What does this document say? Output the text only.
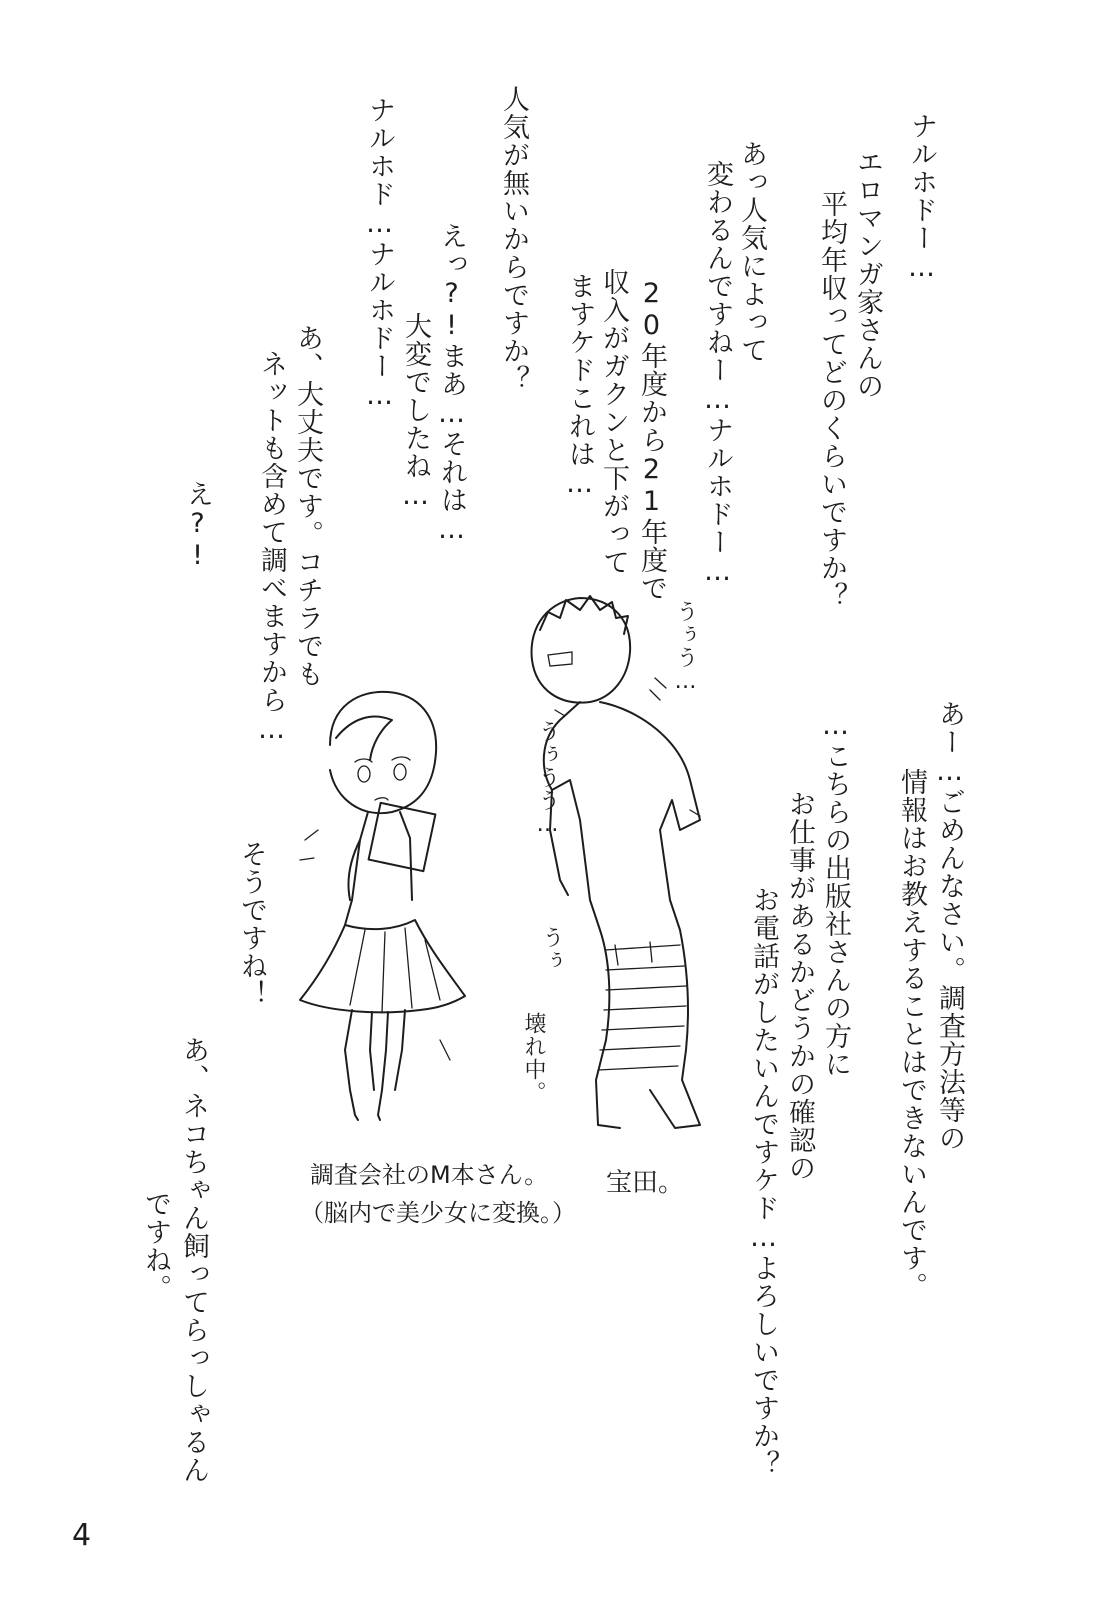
ナルホドー…
エロマンガ家さんの
平均年収ってどのくらいですか？
あっ人気によって
変わるんですねー…ナルホドー…
20年度から21年度で
収入がガクンと下がって
ますケドこれは…
人気が無いからですか？
えっ?!まあ…それは…
大変でしたね…
ナルホド…ナルホドー…
あ、大丈夫です。コチラでも
ネットも含めて調べますから…
え?!
あー…ごめんなさい。調査方法等の
情報はお教えすることはできないんです。
…こちらの出版社さんの方に
お仕事があるかどうかの確認の
お電話がしたいんですケド…よろしいですか？
そうですね！
あ、ネコちゃん飼ってらっしゃるん
ですね。
うぅう…
うぅうう…
うぅ
壊れ中。
調査会社のM本さん。
（脳内で美少女に変換。）
宝田。
4
